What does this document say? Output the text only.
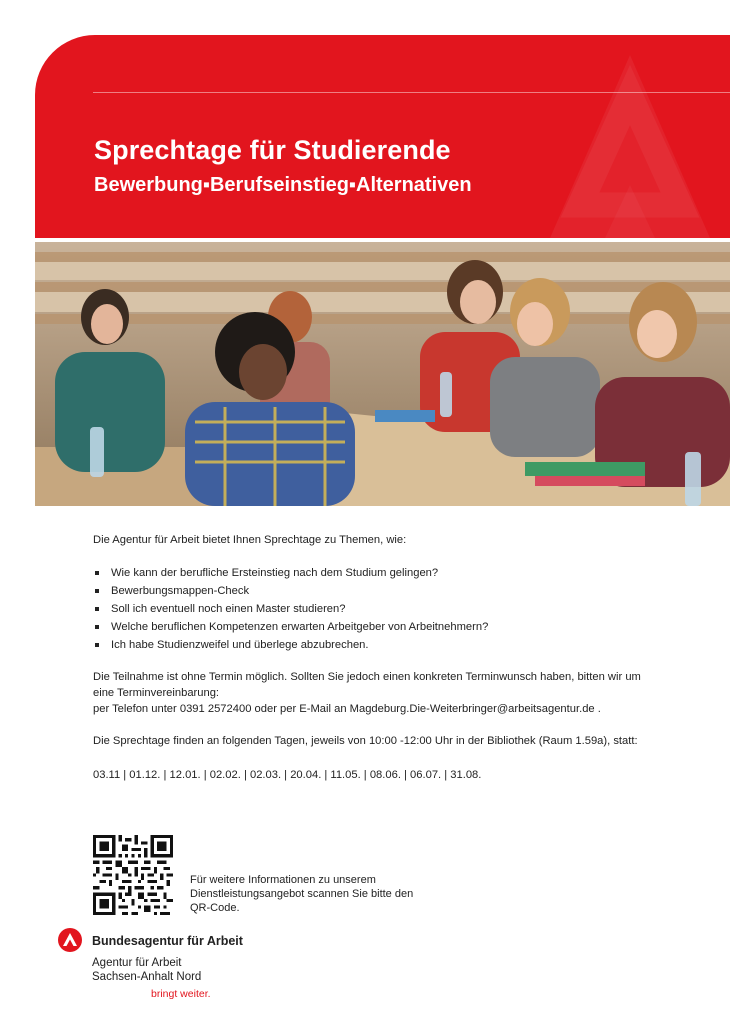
Sprechtage für Studierende
Bewerbung▪Berufseinstieg▪Alternativen

Die Agentur für Arbeit bietet Ihnen Sprechtage zu Themen, wie:

Wie kann der berufliche Ersteinstieg nach dem Studium gelingen?
Bewerbungsmappen-Check
Soll ich eventuell noch einen Master studieren?
Welche beruflichen Kompetenzen erwarten Arbeitgeber von Arbeitnehmern?
Ich habe Studienzweifel und überlege abzubrechen.

Die Teilnahme ist ohne Termin möglich. Sollten Sie jedoch einen konkreten Terminwunsch haben, bitten wir um eine Terminvereinbarung:

per Telefon unter 0391 2572400 oder per E-Mail an Magdeburg.Die-Weiterbringer@arbeitsagentur.de .

Die Sprechtage finden an folgenden Tagen, jeweils von 10:00 -12:00 Uhr in der Bibliothek (Raum 1.59a), statt:

03.11 | 01.12. | 12.01. | 02.02. | 02.03. | 20.04. | 11.05. | 08.06. | 06.07. | 31.08.

Für weitere Informationen zu unserem Dienstleistungsangebot scannen Sie bitte den QR-Code.
Bundesagentur für Arbeit
Agentur für Arbeit
Sachsen-Anhalt Nord
bringt weiter.
